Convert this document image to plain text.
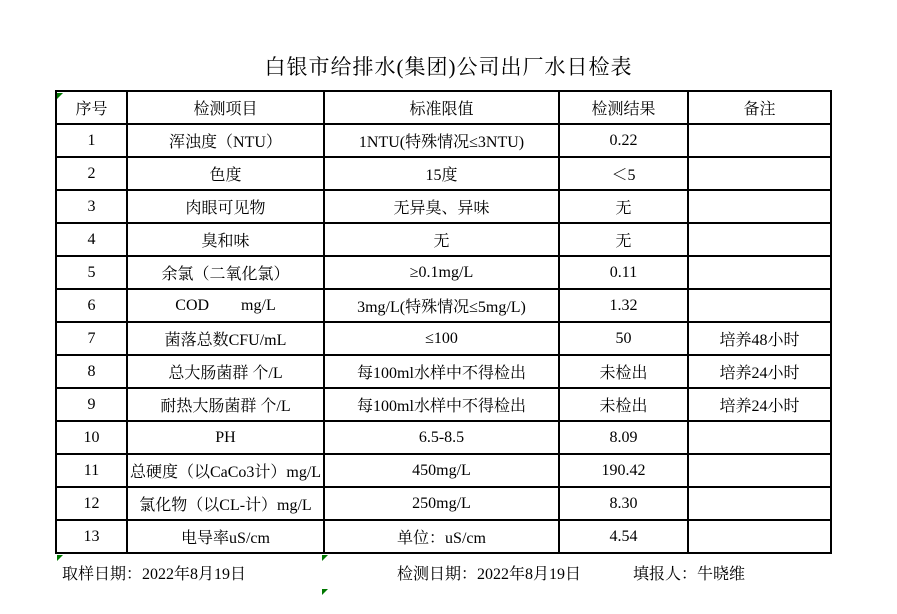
白银市给排水(集团)公司出厂水日检表
序号	检测项目	标准限值	检测结果	备注
1	浑浊度（NTU）	1NTU(特殊情况≤3NTU)	0.22	
2	色度	15度	＜5	
3	肉眼可见物	无异臭、异味	无	
4	臭和味	无	无	
5	余氯（二氧化氯）	≥0.1mg/L	0.11	
6	COD        mg/L	3mg/L(特殊情况≤5mg/L)	1.32	
7	菌落总数CFU/mL	≤100	50	培养48小时
8	总大肠菌群 个/L	每100ml水样中不得检出	未检出	培养24小时
9	耐热大肠菌群 个/L	每100ml水样中不得检出	未检出	培养24小时
10	PH	6.5-8.5	8.09	
11	总硬度（以CaCo3计）mg/L	450mg/L	190.42	
12	氯化物（以CL-计）mg/L	250mg/L	8.30	
13	电导率uS/cm	单位：uS/cm	4.54	
取样日期：2022年8月19日	检测日期：2022年8月19日	填报人：牛晓维
